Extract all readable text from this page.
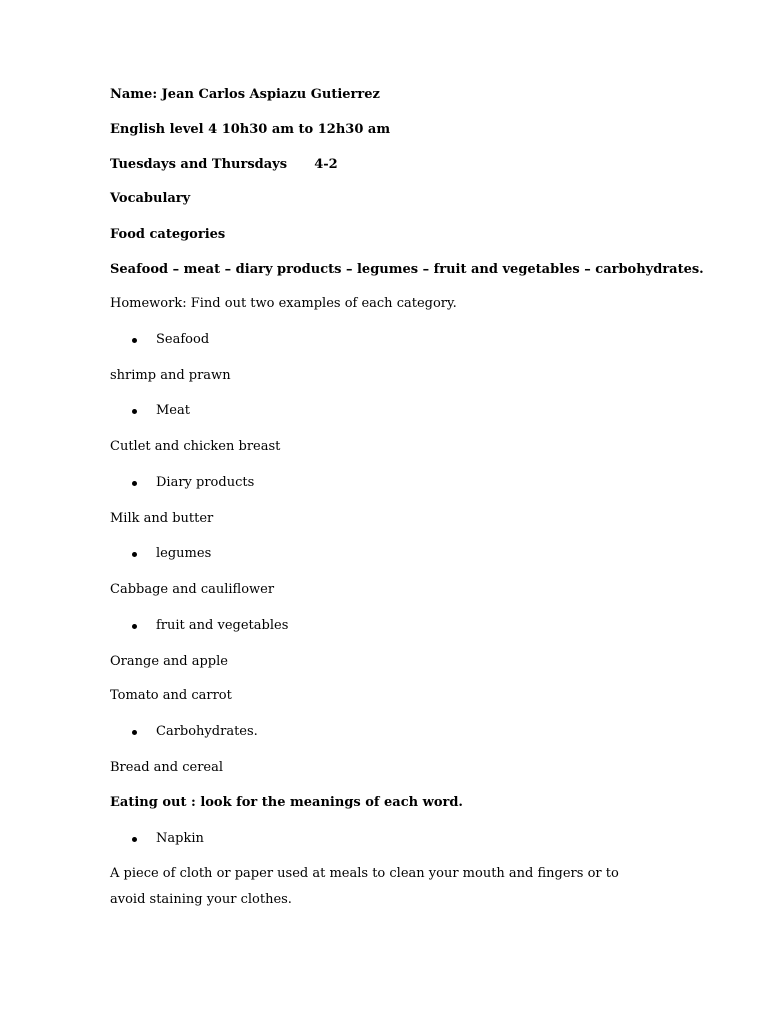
Name: Jean Carlos Aspiazu Gutierrez
English level 4 10h30 am to 12h30 am
Tuesdays and Thursdays      4-2
Vocabulary
Food categories
Seafood – meat – diary products – legumes – fruit and vegetables – carbohydrates.
Homework: Find out two examples of each category.
Seafood
shrimp and prawn
Meat
Cutlet and chicken breast
Diary products
Milk and butter
legumes
Cabbage and cauliflower
fruit and vegetables
Orange and apple
Tomato and carrot
Carbohydrates.
Bread and cereal
Eating out : look for the meanings of each word.
Napkin
A piece of cloth or paper used at meals to clean your mouth and fingers or to avoid staining your clothes.
